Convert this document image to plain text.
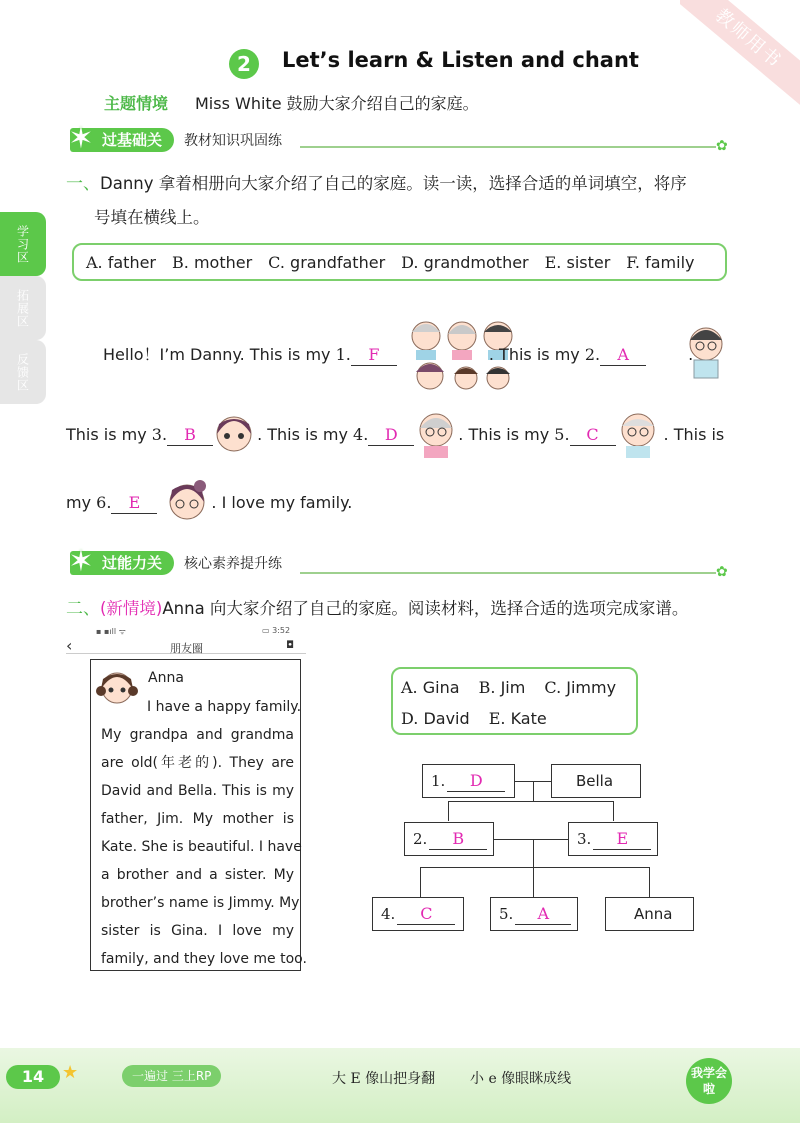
教师用书
2	Let’s learn & Listen and chant
主题情境 Miss White 鼓励大家介绍自己的家庭。
✶ 过基础关	教材知识巩固练	✿
学习区
拓展区
反馈区
一、Danny 拿着相册向大家介绍了自己的家庭。读一读，选择合适的单词填空，将序
号填在横线上。
A. father B. mother C. grandfather D. grandmother E. sister F. family
Hello！I’m Danny. This is my 1. F	. This is my 2. A	.
This is my 3. B	. This is my 4. D	. This is my 5. C	. This is
my 6. E	. I love my family.
✶ 过能力关	核心素养提升练	✿
二、(新情境)Anna 向大家介绍了自己的家庭。阅读材料，选择合适的选项完成家谱。
▪ ▪ıll ᯤ	▭ 3:52
‹	朋友圈	◘
Anna
I have a happy family.
My grandpa and grandma
are old(年老的). They are
David and Bella. This is my
father, Jim. My mother is
Kate. She is beautiful. I have
a brother and a sister. My
brother’s name is Jimmy. My
sister is Gina. I love my
family, and they love me too.
A. Gina B. Jim C. Jimmy
D. David E. Kate
1.	D	Bella
2.	B	3.	E
4.	C	5.	A	Anna
14 ★	一遍过 三上RP	大 E 像山把身翻 小 e 像眼眯成线	我学会啦
